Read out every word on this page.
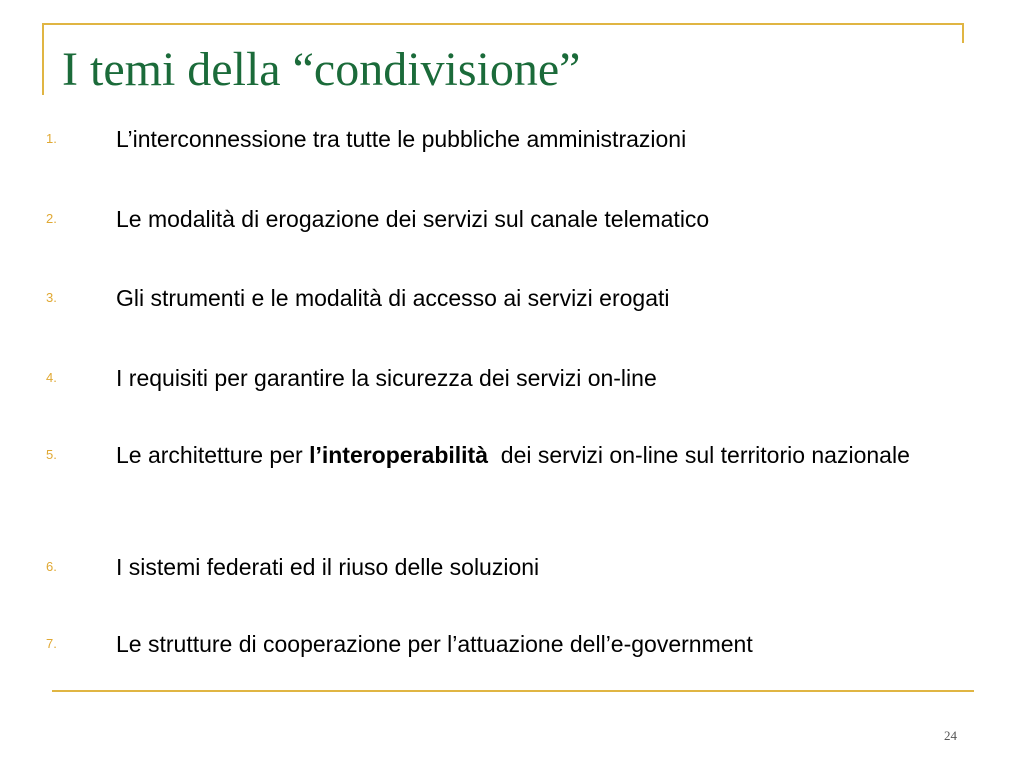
I temi della “condivisione”
1.	L’interconnessione tra tutte le pubbliche amministrazioni
2.	Le modalità di erogazione dei servizi sul canale telematico
3.	Gli strumenti e le modalità di accesso ai servizi erogati
4.	I requisiti per garantire la sicurezza dei servizi on-line
5.	Le architetture per l’interoperabilità  dei servizi on-line sul territorio nazionale
6.	I sistemi federati ed il riuso delle soluzioni
7.	Le strutture di cooperazione per l’attuazione dell’e-government
24
